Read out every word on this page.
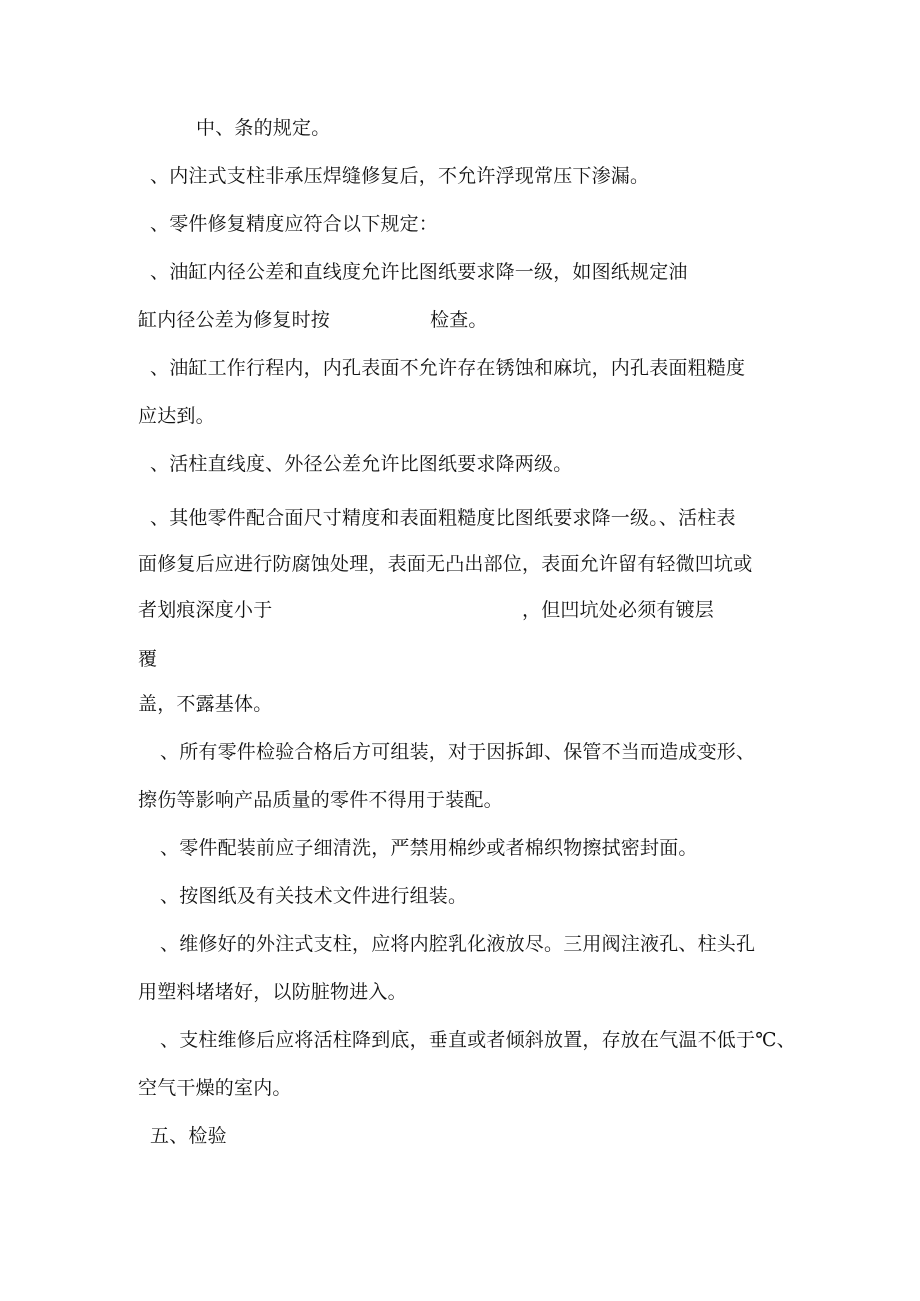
中、条的规定。
、内注式支柱非承压焊缝修复后，不允许浮现常压下渗漏。
、零件修复精度应符合以下规定：
、油缸内径公差和直线度允许比图纸要求降一级，如图纸规定油
缸内径公差为修复时按	检查。
、油缸工作行程内，内孔表面不允许存在锈蚀和麻坑，内孔表面粗糙度
应达到。
、活柱直线度、外径公差允许比图纸要求降两级。
、其他零件配合面尺寸精度和表面粗糙度比图纸要求降一级。、活柱表
面修复后应进行防腐蚀处理，表面无凸出部位，表面允许留有轻微凹坑或
者划痕深度小于	，但凹坑处必须有镀层
覆
盖，不露基体。
、所有零件检验合格后方可组装，对于因拆卸、保管不当而造成变形、
擦伤等影响产品质量的零件不得用于装配。
、零件配装前应子细清洗，严禁用棉纱或者棉织物擦拭密封面。
、按图纸及有关技术文件进行组装。
、维修好的外注式支柱，应将内腔乳化液放尽。三用阀注液孔、柱头孔
用塑料堵堵好，以防脏物进入。
、支柱维修后应将活柱降到底，垂直或者倾斜放置，存放在气温不低于℃、
空气干燥的室内。
五、检验
